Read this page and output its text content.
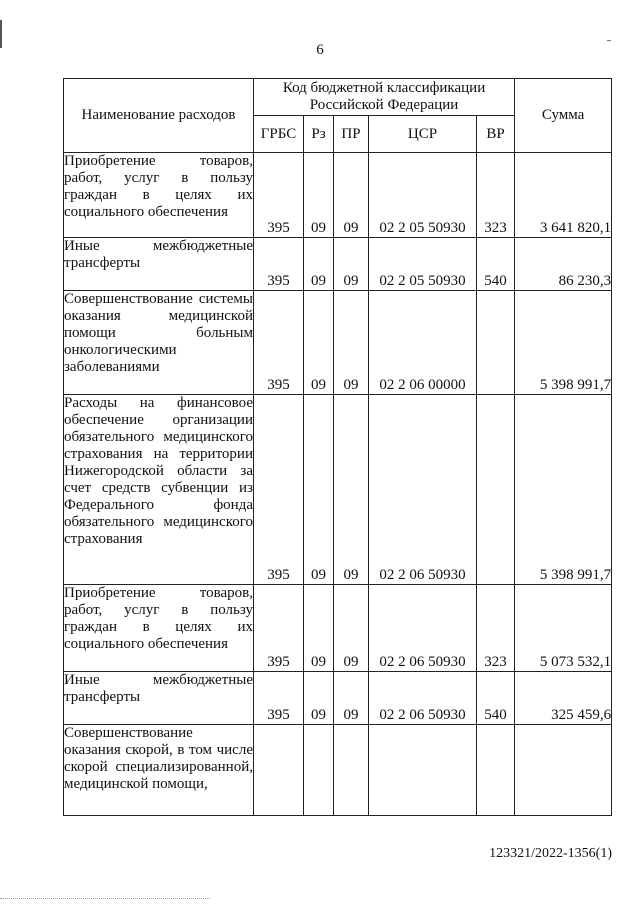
6
Наименование расходов	Код бюджетной классификации Российской Федерации					Сумма
	ГРБС	Рз	ПР	ЦСР	ВР	
Приобретение товаров, работ, услуг в пользу граждан в целях их социального обеспечения	395	09	09	02 2 05 50930	323	3 641 820,1
Иные межбюджетные трансферты	395	09	09	02 2 05 50930	540	86 230,3
Совершенствование системы оказания медицинской помощи больным онкологическими заболеваниями	395	09	09	02 2 06 00000		5 398 991,7
Расходы на финансовое обеспечение организации обязательного медицинского страхования на территории Нижегородской области за счет средств субвенции из Федерального фонда обязательного медицинского страхования	395	09	09	02 2 06 50930		5 398 991,7
Приобретение товаров, работ, услуг в пользу граждан в целях их социального обеспечения	395	09	09	02 2 06 50930	323	5 073 532,1
Иные межбюджетные трансферты	395	09	09	02 2 06 50930	540	325 459,6
Совершенствование оказания скорой, в том числе скорой специализированной, медицинской помощи,						
123321/2022-1356(1)
